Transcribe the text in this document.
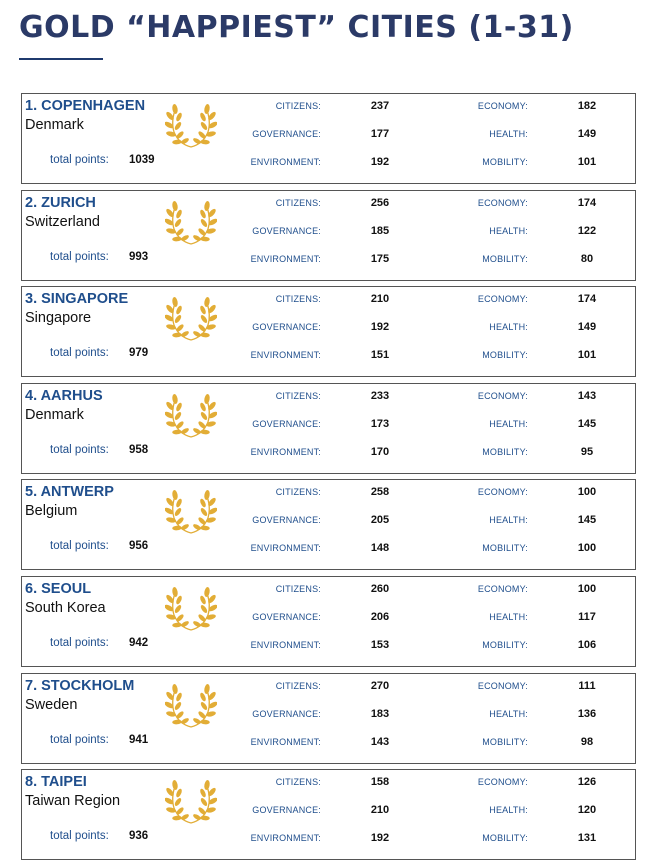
GOLD “HAPPIEST” CITIES (1-31)
1. COPENHAGEN
Denmark
total points: 1039
CITIZENS:	237
GOVERNANCE:	177
ENVIRONMENT:	192
ECONOMY:	182
HEALTH:	149
MOBILITY:	101
2. ZURICH
Switzerland
total points: 993
CITIZENS:	256
GOVERNANCE:	185
ENVIRONMENT:	175
ECONOMY:	174
HEALTH:	122
MOBILITY:	80
3. SINGAPORE
Singapore
total points: 979
CITIZENS:	210
GOVERNANCE:	192
ENVIRONMENT:	151
ECONOMY:	174
HEALTH:	149
MOBILITY:	101
4. AARHUS
Denmark
total points: 958
CITIZENS:	233
GOVERNANCE:	173
ENVIRONMENT:	170
ECONOMY:	143
HEALTH:	145
MOBILITY:	95
5. ANTWERP
Belgium
total points: 956
CITIZENS:	258
GOVERNANCE:	205
ENVIRONMENT:	148
ECONOMY:	100
HEALTH:	145
MOBILITY:	100
6. SEOUL
South Korea
total points: 942
CITIZENS:	260
GOVERNANCE:	206
ENVIRONMENT:	153
ECONOMY:	100
HEALTH:	117
MOBILITY:	106
7. STOCKHOLM
Sweden
total points: 941
CITIZENS:	270
GOVERNANCE:	183
ENVIRONMENT:	143
ECONOMY:	111
HEALTH:	136
MOBILITY:	98
8. TAIPEI
Taiwan Region
total points: 936
CITIZENS:	158
GOVERNANCE:	210
ENVIRONMENT:	192
ECONOMY:	126
HEALTH:	120
MOBILITY:	131
